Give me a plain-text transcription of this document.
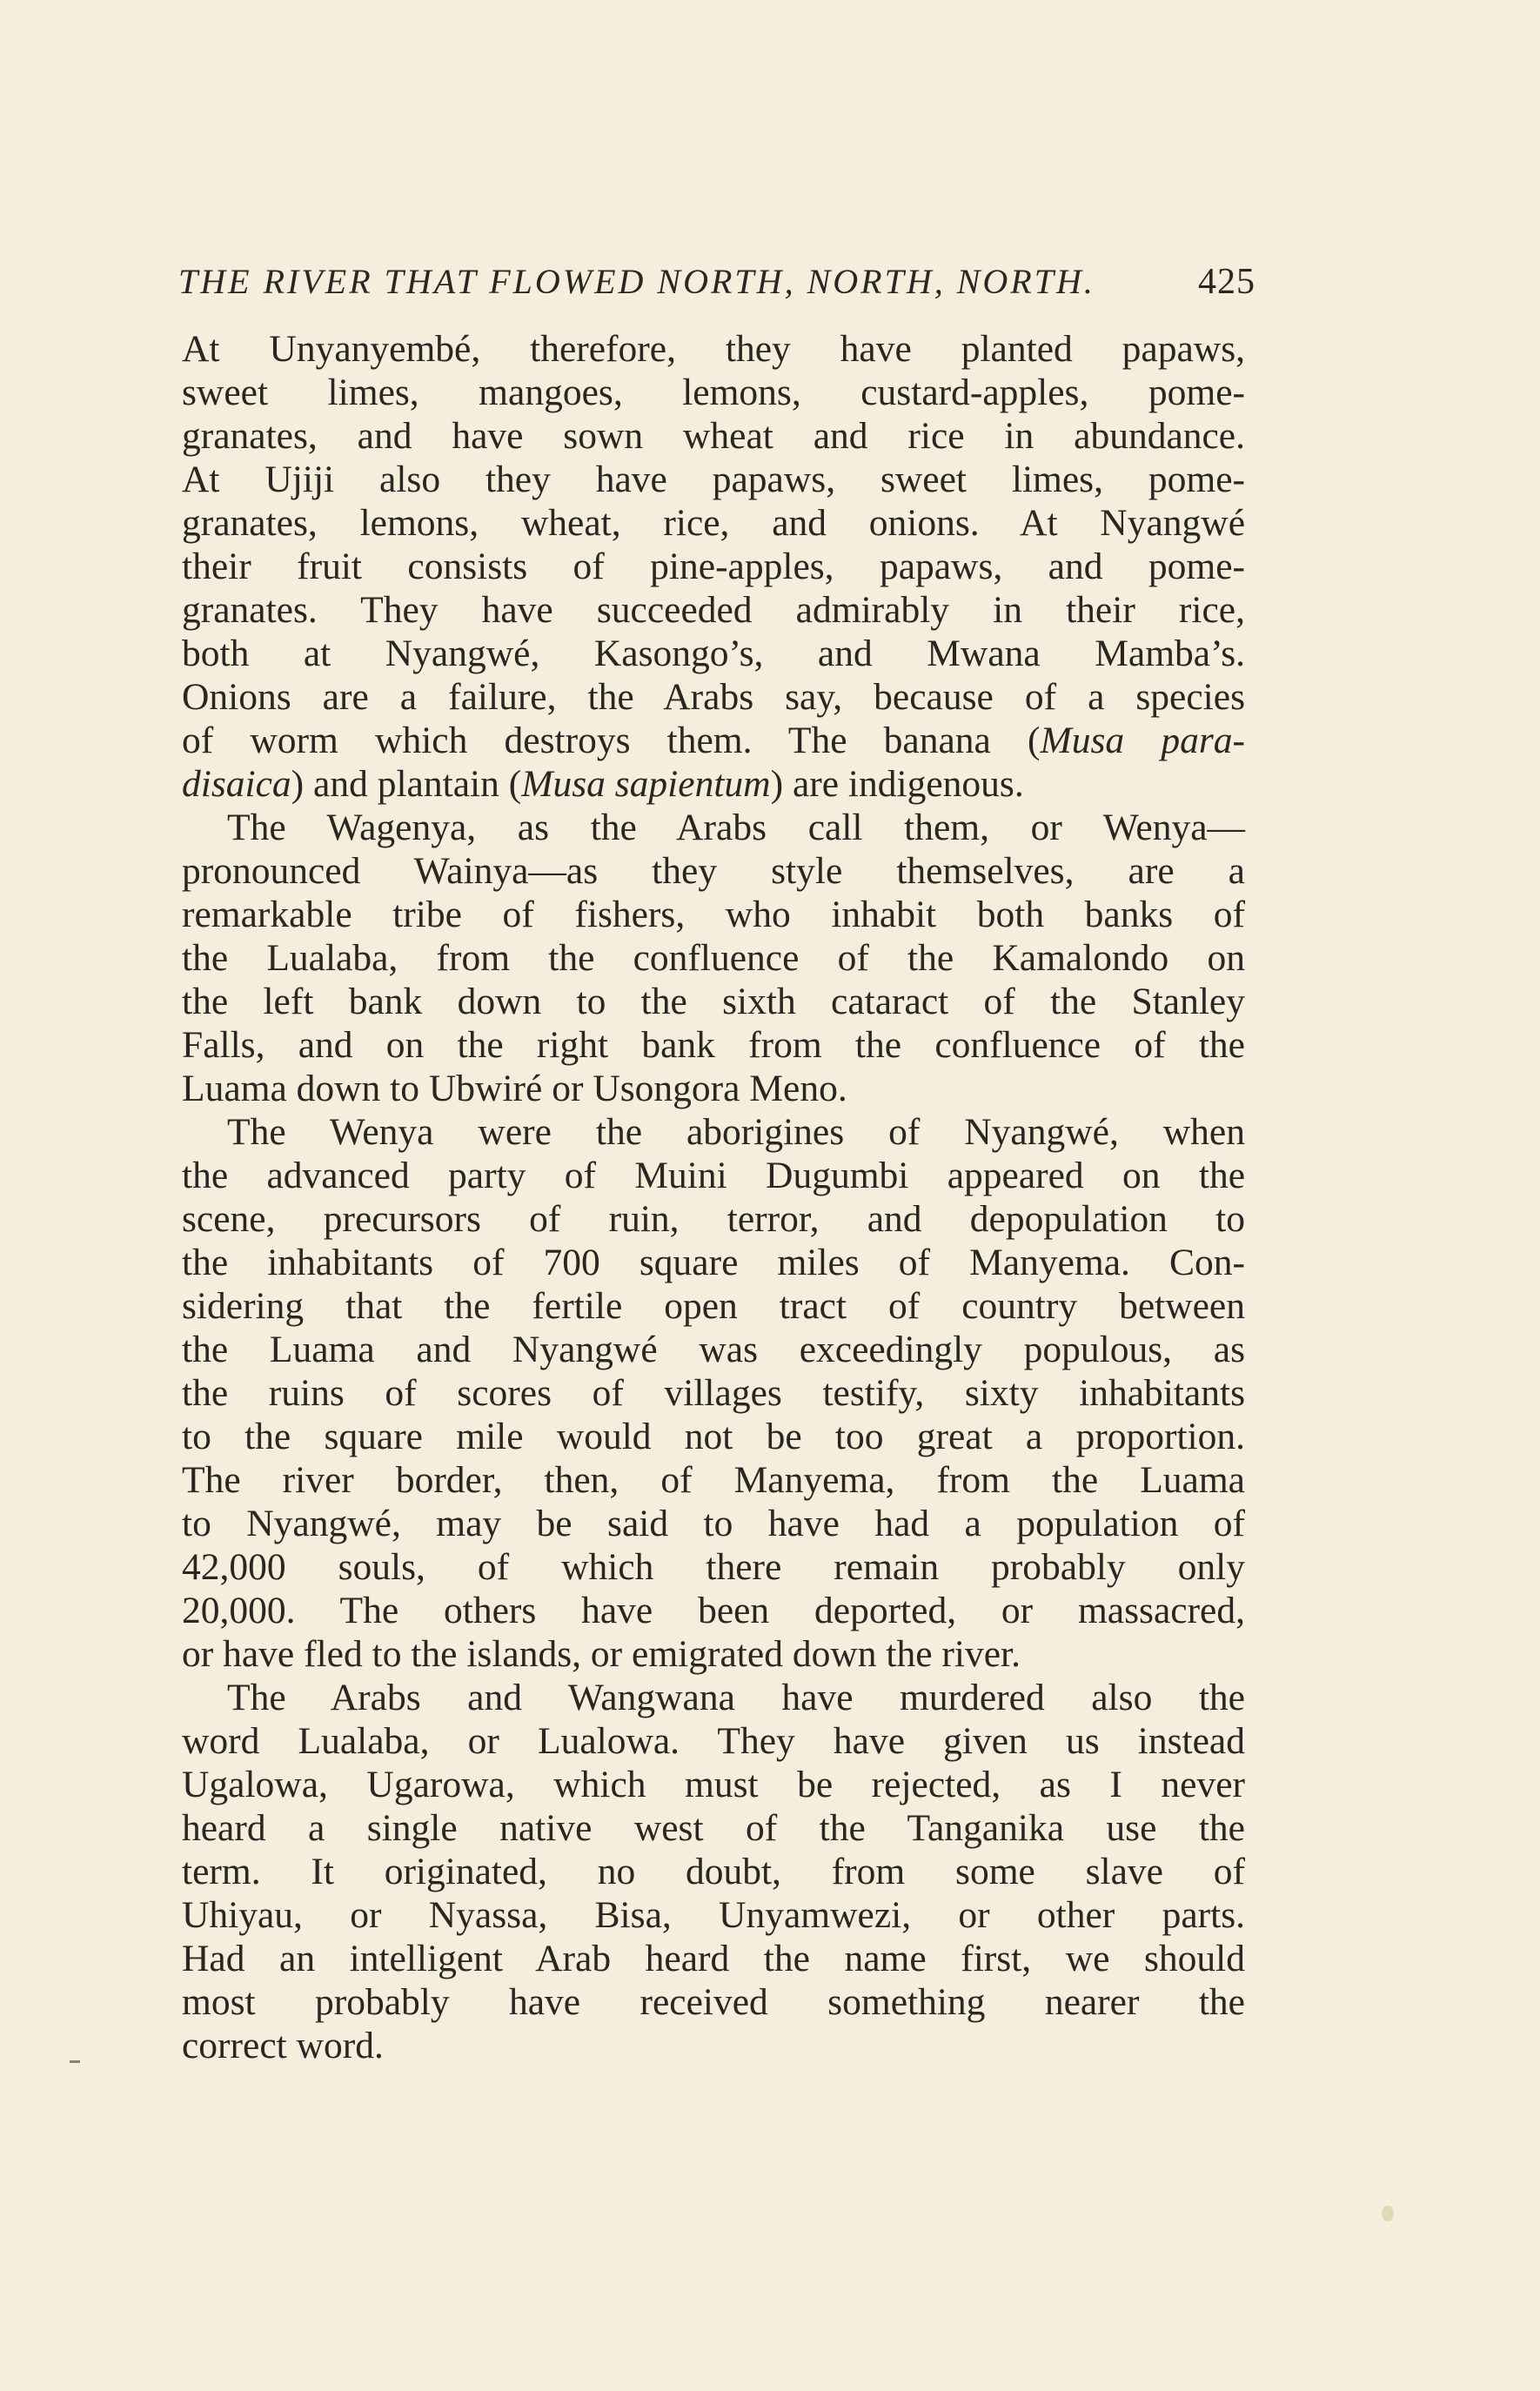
THE RIVER THAT FLOWED NORTH, NORTH, NORTH.	425
At Unyanyembé, therefore, they have planted papaws,
sweet limes, mangoes, lemons, custard-apples, pome-
granates, and have sown wheat and rice in abundance.
At Ujiji also they have papaws, sweet limes, pome-
granates, lemons, wheat, rice, and onions. At Nyangwé
their fruit consists of pine-apples, papaws, and pome-
granates. They have succeeded admirably in their rice,
both at Nyangwé, Kasongo’s, and Mwana Mamba’s.
Onions are a failure, the Arabs say, because of a species
of worm which destroys them. The banana (Musa para-
disaica) and plantain (Musa sapientum) are indigenous.
The Wagenya, as the Arabs call them, or Wenya—
pronounced Wainya—as they style themselves, are a
remarkable tribe of fishers, who inhabit both banks of
the Lualaba, from the confluence of the Kamalondo on
the left bank down to the sixth cataract of the Stanley
Falls, and on the right bank from the confluence of the
Luama down to Ubwiré or Usongora Meno.
The Wenya were the aborigines of Nyangwé, when
the advanced party of Muini Dugumbi appeared on the
scene, precursors of ruin, terror, and depopulation to
the inhabitants of 700 square miles of Manyema. Con-
sidering that the fertile open tract of country between
the Luama and Nyangwé was exceedingly populous, as
the ruins of scores of villages testify, sixty inhabitants
to the square mile would not be too great a proportion.
The river border, then, of Manyema, from the Luama
to Nyangwé, may be said to have had a population of
42,000 souls, of which there remain probably only
20,000. The others have been deported, or massacred,
or have fled to the islands, or emigrated down the river.
The Arabs and Wangwana have murdered also the
word Lualaba, or Lualowa. They have given us instead
Ugalowa, Ugarowa, which must be rejected, as I never
heard a single native west of the Tanganika use the
term. It originated, no doubt, from some slave of
Uhiyau, or Nyassa, Bisa, Unyamwezi, or other parts.
Had an intelligent Arab heard the name first, we should
most probably have received something nearer the
correct word.
